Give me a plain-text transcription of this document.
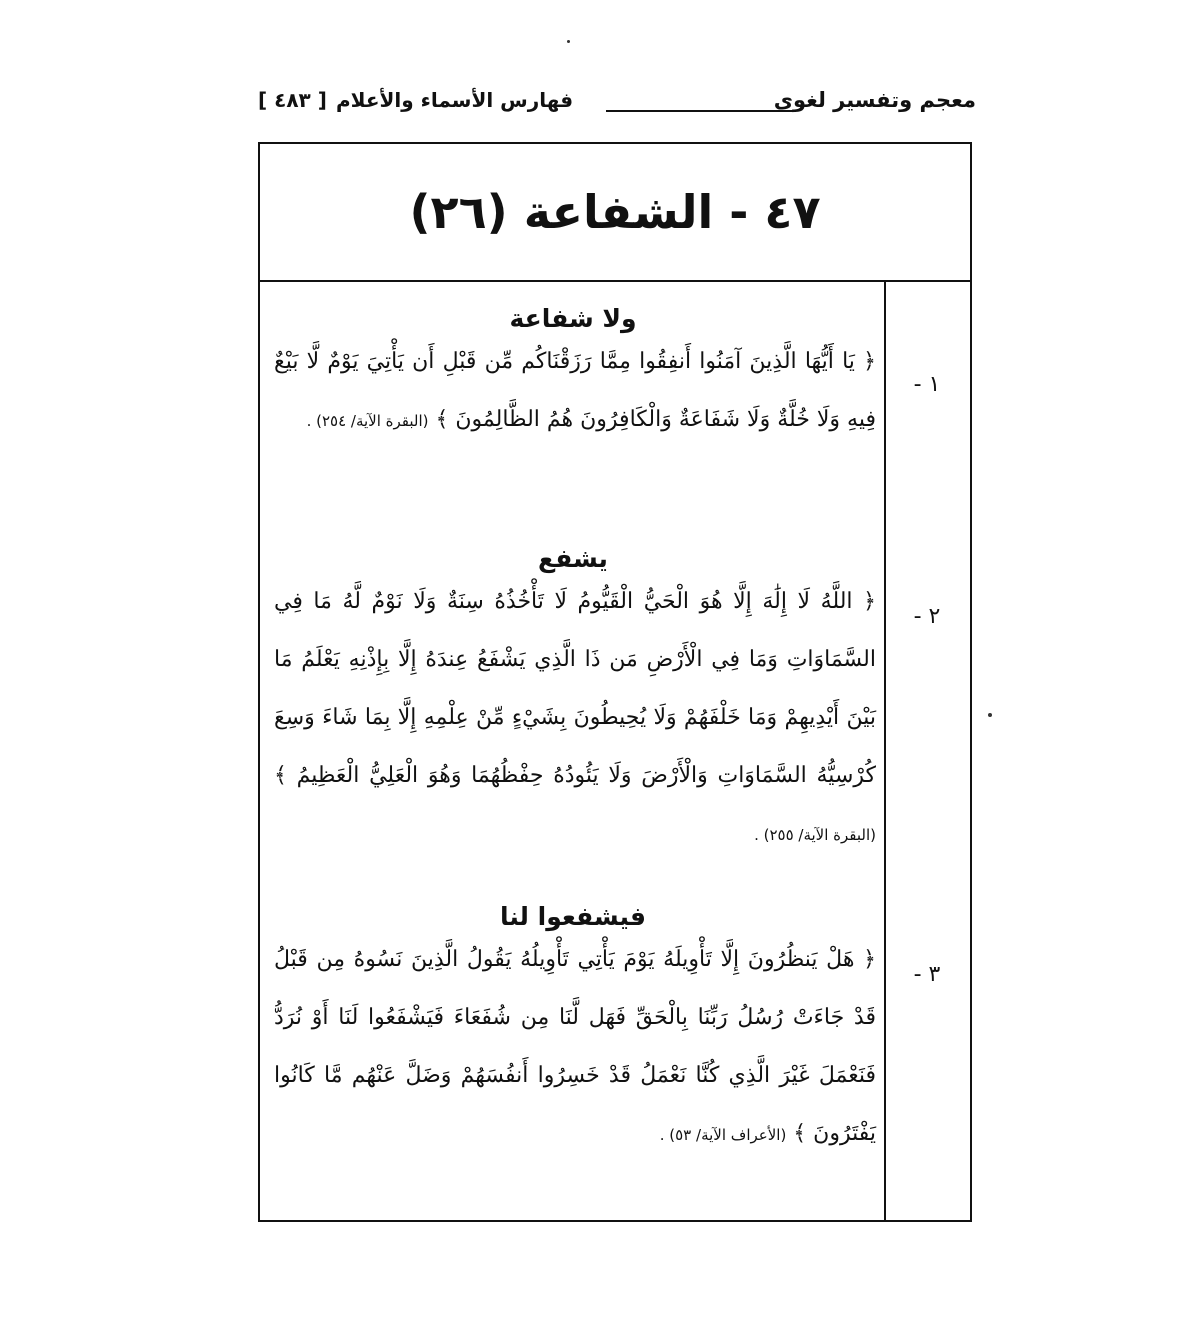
معجم وتفسير لغوى
فهارس الأسماء والأعلام
[ ٤٨٣ ]
٤٧ - الشفاعة (٢٦)
١ -
٢ -
٣ -
ولا شفاعة

﴿ يَا أَيُّهَا الَّذِينَ آمَنُوا أَنفِقُوا مِمَّا رَزَقْنَاكُم مِّن قَبْلِ أَن يَأْتِيَ يَوْمٌ لَّا بَيْعٌ فِيهِ وَلَا خُلَّةٌ وَلَا شَفَاعَةٌ وَالْكَافِرُونَ هُمُ الظَّالِمُونَ ﴾ (البقرة الآية/ ٢٥٤) .

يشفع

﴿ اللَّهُ لَا إِلَٰهَ إِلَّا هُوَ الْحَيُّ الْقَيُّومُ لَا تَأْخُذُهُ سِنَةٌ وَلَا نَوْمٌ لَّهُ مَا فِي السَّمَاوَاتِ وَمَا فِي الْأَرْضِ مَن ذَا الَّذِي يَشْفَعُ عِندَهُ إِلَّا بِإِذْنِهِ يَعْلَمُ مَا بَيْنَ أَيْدِيهِمْ وَمَا خَلْفَهُمْ وَلَا يُحِيطُونَ بِشَيْءٍ مِّنْ عِلْمِهِ إِلَّا بِمَا شَاءَ وَسِعَ كُرْسِيُّهُ السَّمَاوَاتِ وَالْأَرْضَ وَلَا يَئُودُهُ حِفْظُهُمَا وَهُوَ الْعَلِيُّ الْعَظِيمُ ﴾ (البقرة الآية/ ٢٥٥) .

فيشفعوا لنا

﴿ هَلْ يَنظُرُونَ إِلَّا تَأْوِيلَهُ يَوْمَ يَأْتِي تَأْوِيلُهُ يَقُولُ الَّذِينَ نَسُوهُ مِن قَبْلُ قَدْ جَاءَتْ رُسُلُ رَبِّنَا بِالْحَقِّ فَهَل لَّنَا مِن شُفَعَاءَ فَيَشْفَعُوا لَنَا أَوْ نُرَدُّ فَنَعْمَلَ غَيْرَ الَّذِي كُنَّا نَعْمَلُ قَدْ خَسِرُوا أَنفُسَهُمْ وَضَلَّ عَنْهُم مَّا كَانُوا يَفْتَرُونَ ﴾ (الأعراف الآية/ ٥٣) .
